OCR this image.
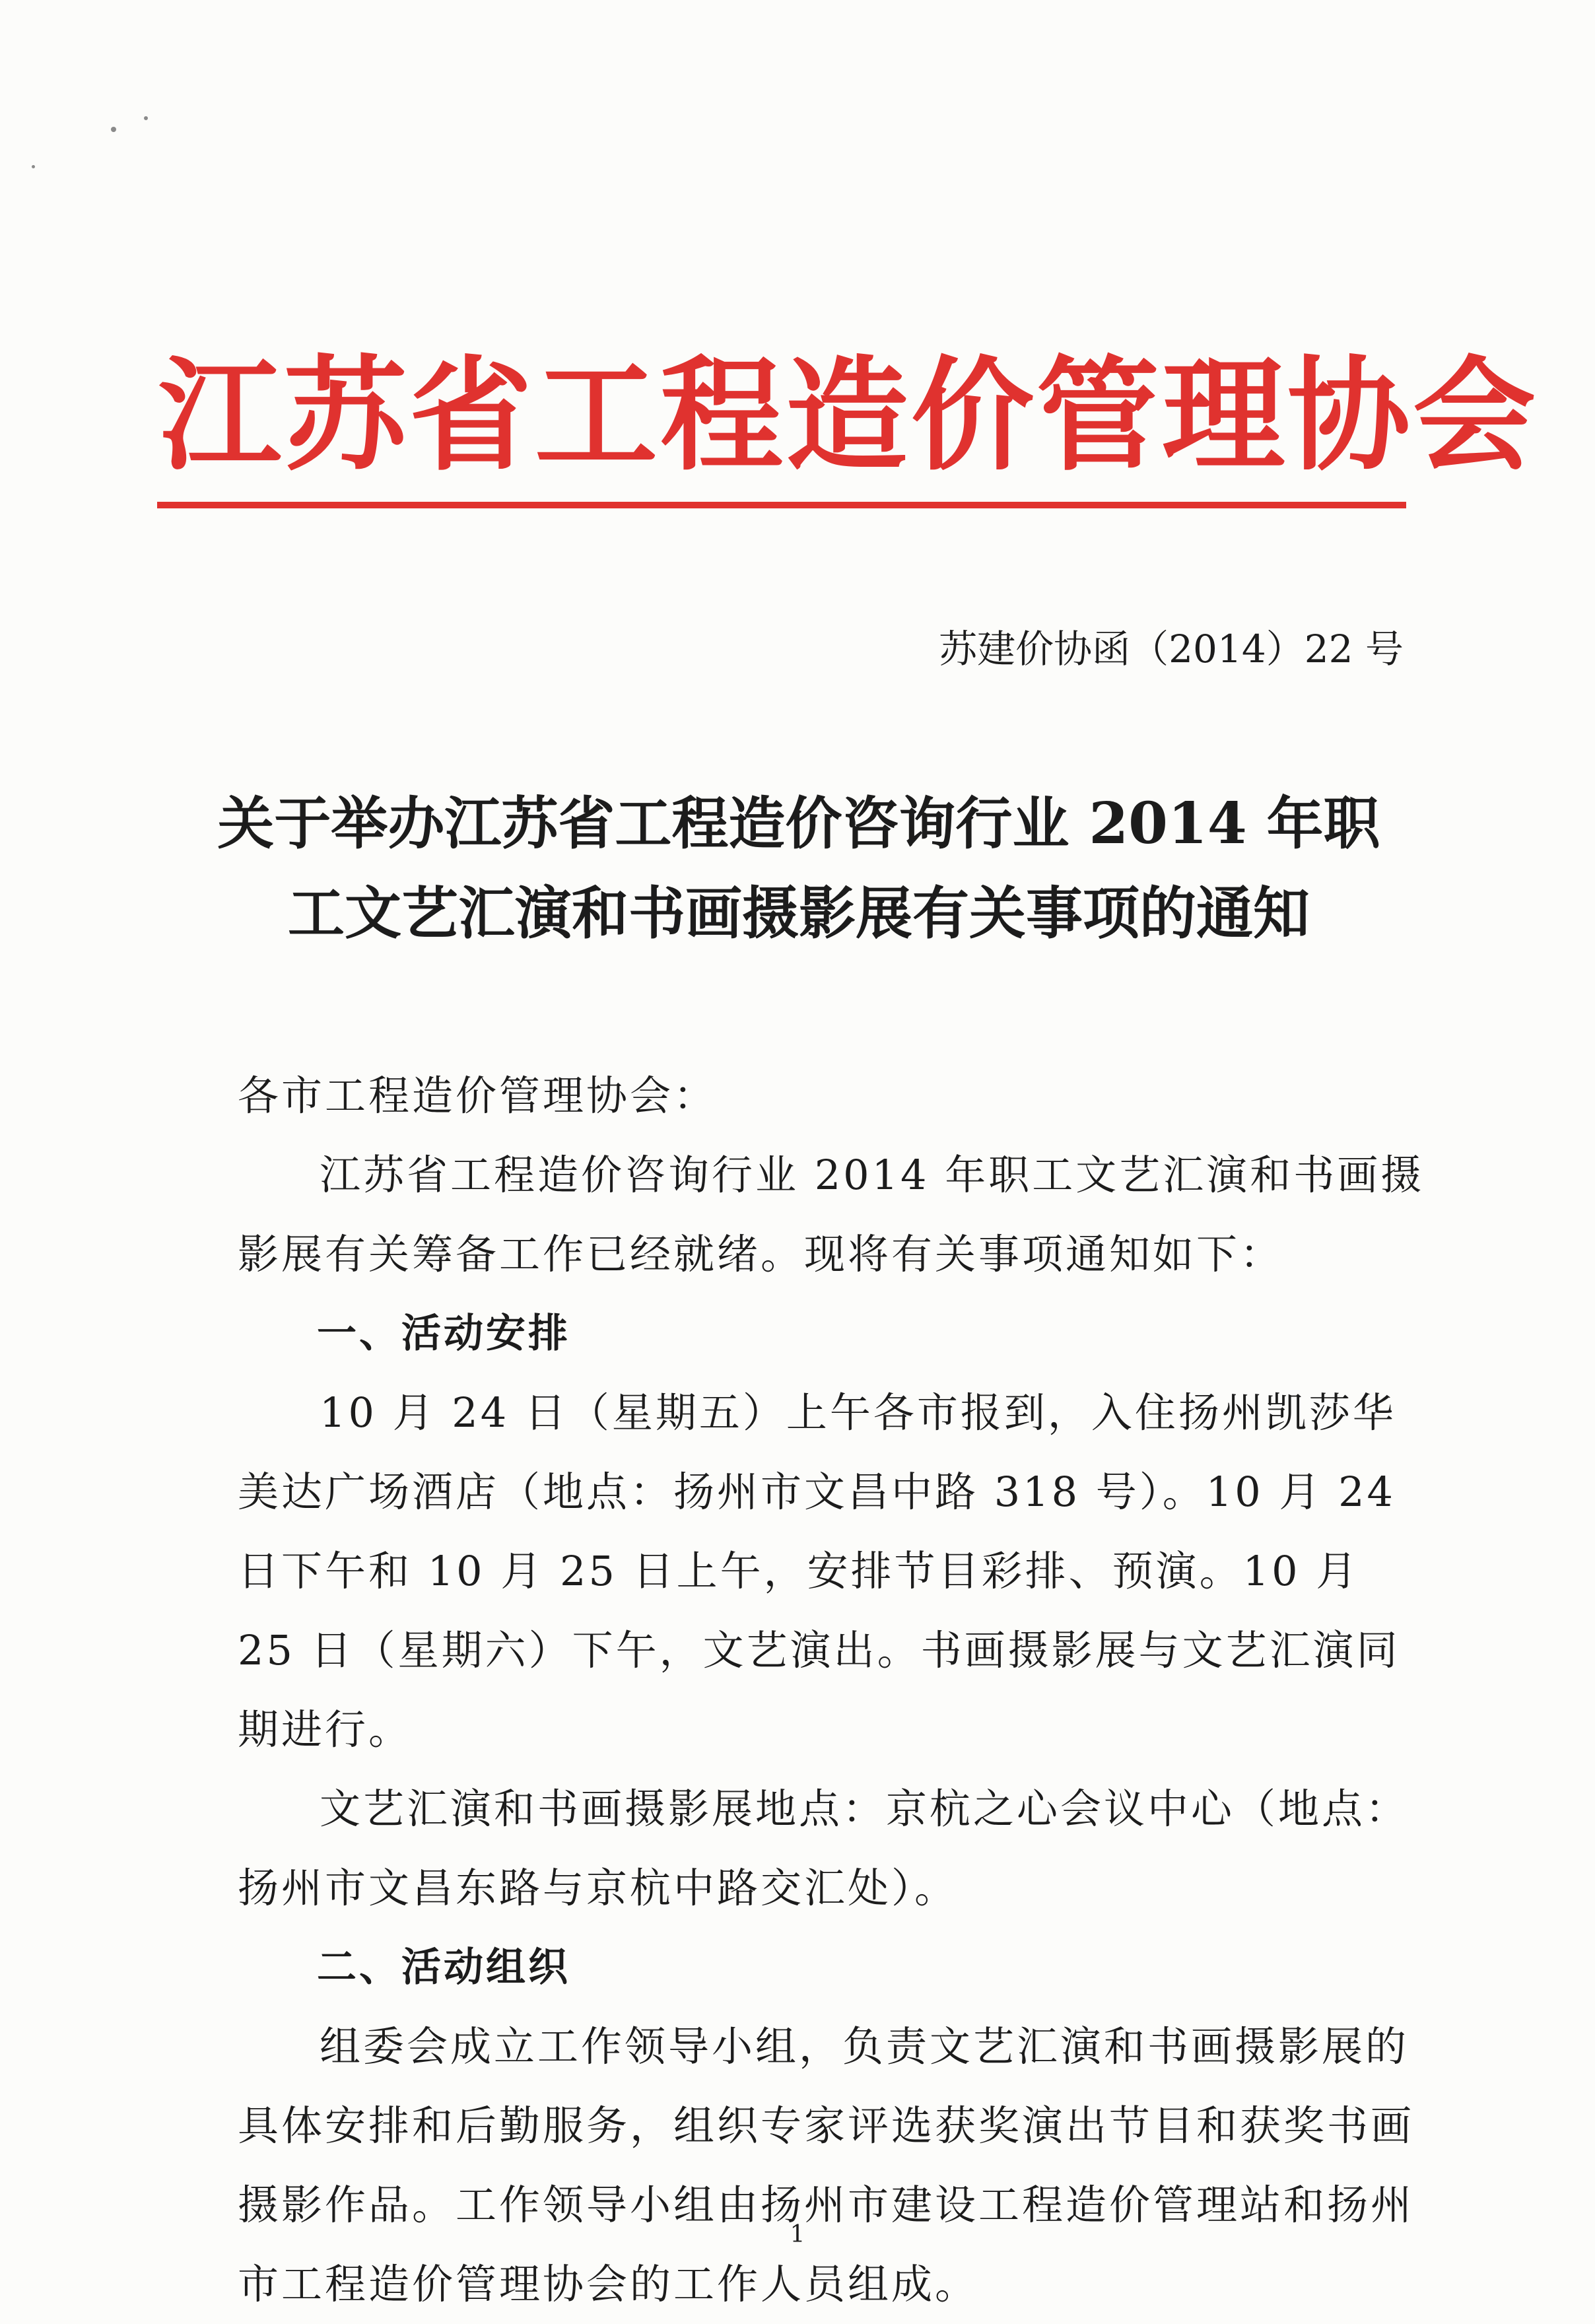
江苏省工程造价管理协会
苏建价协函（2014）22 号
关于举办江苏省工程造价咨询行业 2014 年职
工文艺汇演和书画摄影展有关事项的通知

各市工程造价管理协会：

江苏省工程造价咨询行业 2014 年职工文艺汇演和书画摄影展有关筹备工作已经就绪。现将有关事项通知如下：

一、活动安排

10 月 24 日（星期五）上午各市报到，入住扬州凯莎华美达广场酒店（地点：扬州市文昌中路 318 号）。10 月 24 日下午和 10 月 25 日上午，安排节目彩排、预演。10 月 25 日（星期六）下午，文艺演出。书画摄影展与文艺汇演同期进行。

文艺汇演和书画摄影展地点：京杭之心会议中心（地点：扬州市文昌东路与京杭中路交汇处）。

二、活动组织

组委会成立工作领导小组，负责文艺汇演和书画摄影展的具体安排和后勤服务，组织专家评选获奖演出节目和获奖书画摄影作品。工作领导小组由扬州市建设工程造价管理站和扬州市工程造价管理协会的工作人员组成。

1
